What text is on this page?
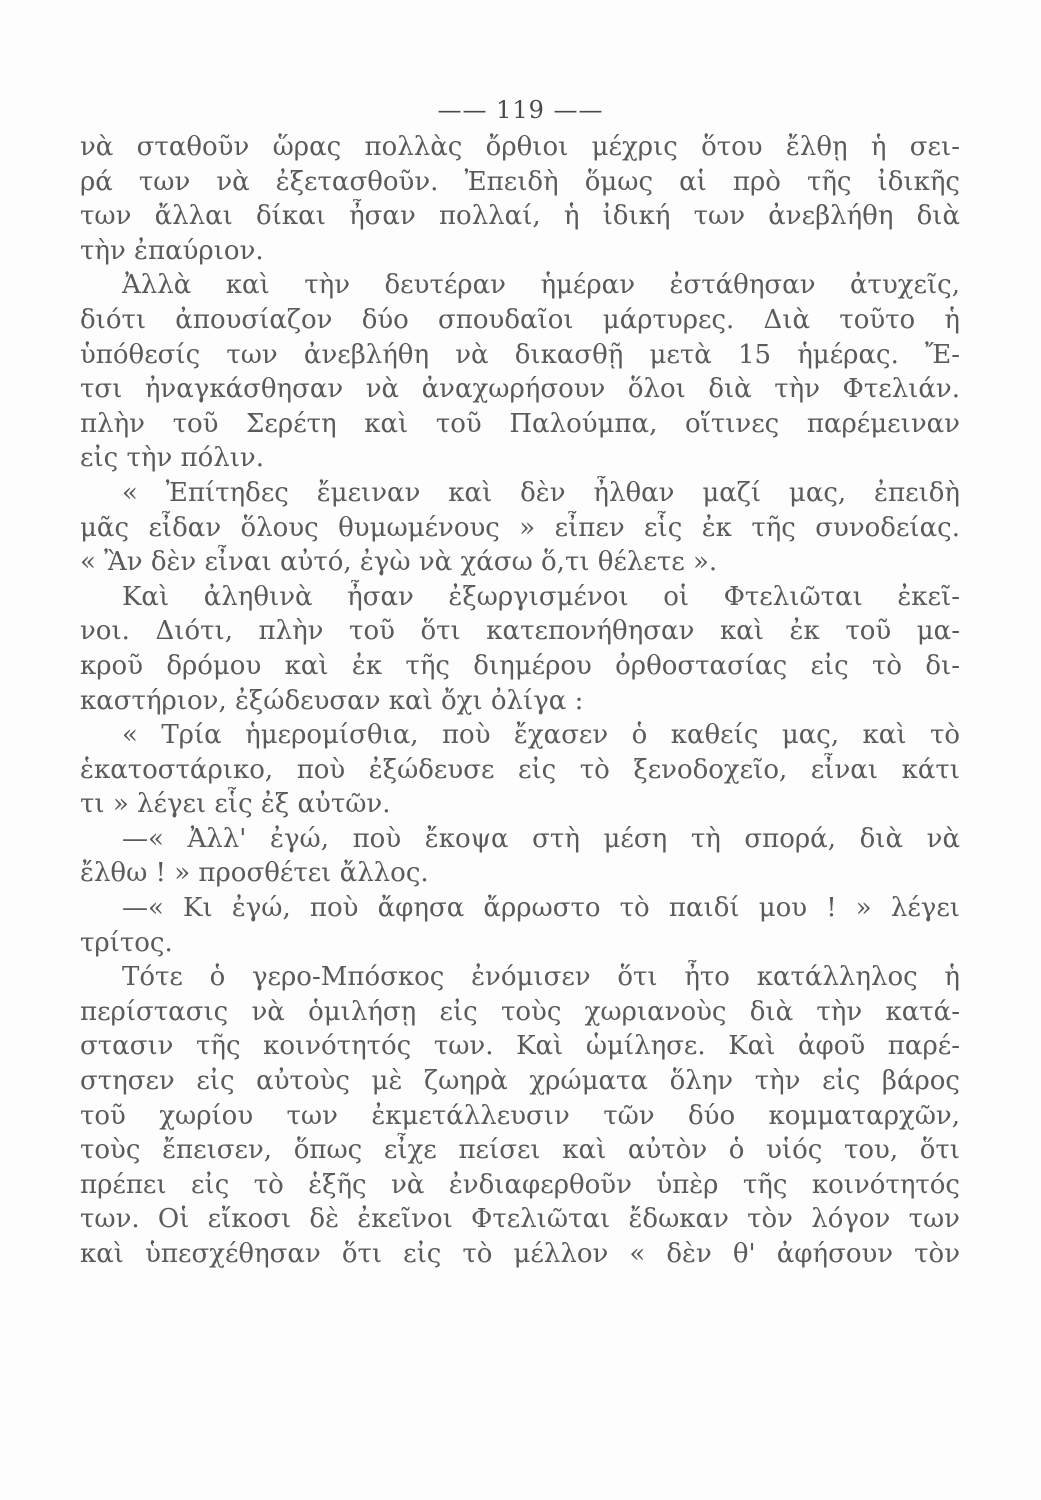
—— 119 ——
νὰ σταθοῦν ὥρας πολλὰς ὄρθιοι μέχρις ὅτου ἔλθῃ ἡ σει-
ρά των νὰ ἐξετασθοῦν. Ἐπειδὴ ὅμως αἱ πρὸ τῆς ἰδικῆς
των ἄλλαι δίκαι ἦσαν πολλαί, ἡ ἰδική των ἀνεβλήθη διὰ
τὴν ἐπαύριον.
Ἀλλὰ καὶ τὴν δευτέραν ἡμέραν ἐστάθησαν ἀτυχεῖς,
διότι ἀπουσίαζον δύο σπουδαῖοι μάρτυρες. Διὰ τοῦτο ἡ
ὑπόθεσίς των ἀνεβλήθη νὰ δικασθῇ μετὰ 15 ἡμέρας. Ἔ-
τσι ἠναγκάσθησαν νὰ ἀναχωρήσουν ὅλοι διὰ τὴν Φτελιάν.
πλὴν τοῦ Σερέτη καὶ τοῦ Παλούμπα, οἵτινες παρέμειναν
εἰς τὴν πόλιν.
« Ἐπίτηδες ἔμειναν καὶ δὲν ἦλθαν μαζί μας, ἐπειδὴ
μᾶς εἶδαν ὅλους θυμωμένους » εἶπεν εἷς ἐκ τῆς συνοδείας.
« Ἂν δὲν εἶναι αὐτό, ἐγὼ νὰ χάσω ὅ,τι θέλετε ».
Καὶ ἀληθινὰ ἦσαν ἐξωργισμένοι οἱ Φτελιῶται ἐκεῖ-
νοι. Διότι, πλὴν τοῦ ὅτι κατεπονήθησαν καὶ ἐκ τοῦ μα-
κροῦ δρόμου καὶ ἐκ τῆς διημέρου ὀρθοστασίας εἰς τὸ δι-
καστήριον, ἐξώδευσαν καὶ ὄχι ὀλίγα :
« Τρία ἡμερομίσθια, ποὺ ἔχασεν ὁ καθείς μας, καὶ τὸ
ἑκατοστάρικο, ποὺ ἐξώδευσε εἰς τὸ ξενοδοχεῖο, εἶναι κάτι
τι » λέγει εἷς ἐξ αὐτῶν.
—« Ἀλλ' ἐγώ, ποὺ ἔκοψα στὴ μέση τὴ σπορά, διὰ νὰ
ἔλθω ! » προσθέτει ἄλλος.
—« Κι ἐγώ, ποὺ ἄφησα ἄρρωστο τὸ παιδί μου ! » λέγει
τρίτος.
Τότε ὁ γερο-Μπόσκος ἐνόμισεν ὅτι ἦτο κατάλληλος ἡ
περίστασις νὰ ὁμιλήσῃ εἰς τοὺς χωριανοὺς διὰ τὴν κατά-
στασιν τῆς κοινότητός των. Καὶ ὡμίλησε. Καὶ ἀφοῦ παρέ-
στησεν εἰς αὐτοὺς μὲ ζωηρὰ χρώματα ὅλην τὴν εἰς βάρος
τοῦ χωρίου των ἐκμετάλλευσιν τῶν δύο κομματαρχῶν,
τοὺς ἔπεισεν, ὅπως εἶχε πείσει καὶ αὐτὸν ὁ υἱός του, ὅτι
πρέπει εἰς τὸ ἑξῆς νὰ ἐνδιαφερθοῦν ὑπὲρ τῆς κοινότητός
των. Οἱ εἴκοσι δὲ ἐκεῖνοι Φτελιῶται ἔδωκαν τὸν λόγον των
καὶ ὑπεσχέθησαν ὅτι εἰς τὸ μέλλον « δὲν θ' ἀφήσουν τὸν
